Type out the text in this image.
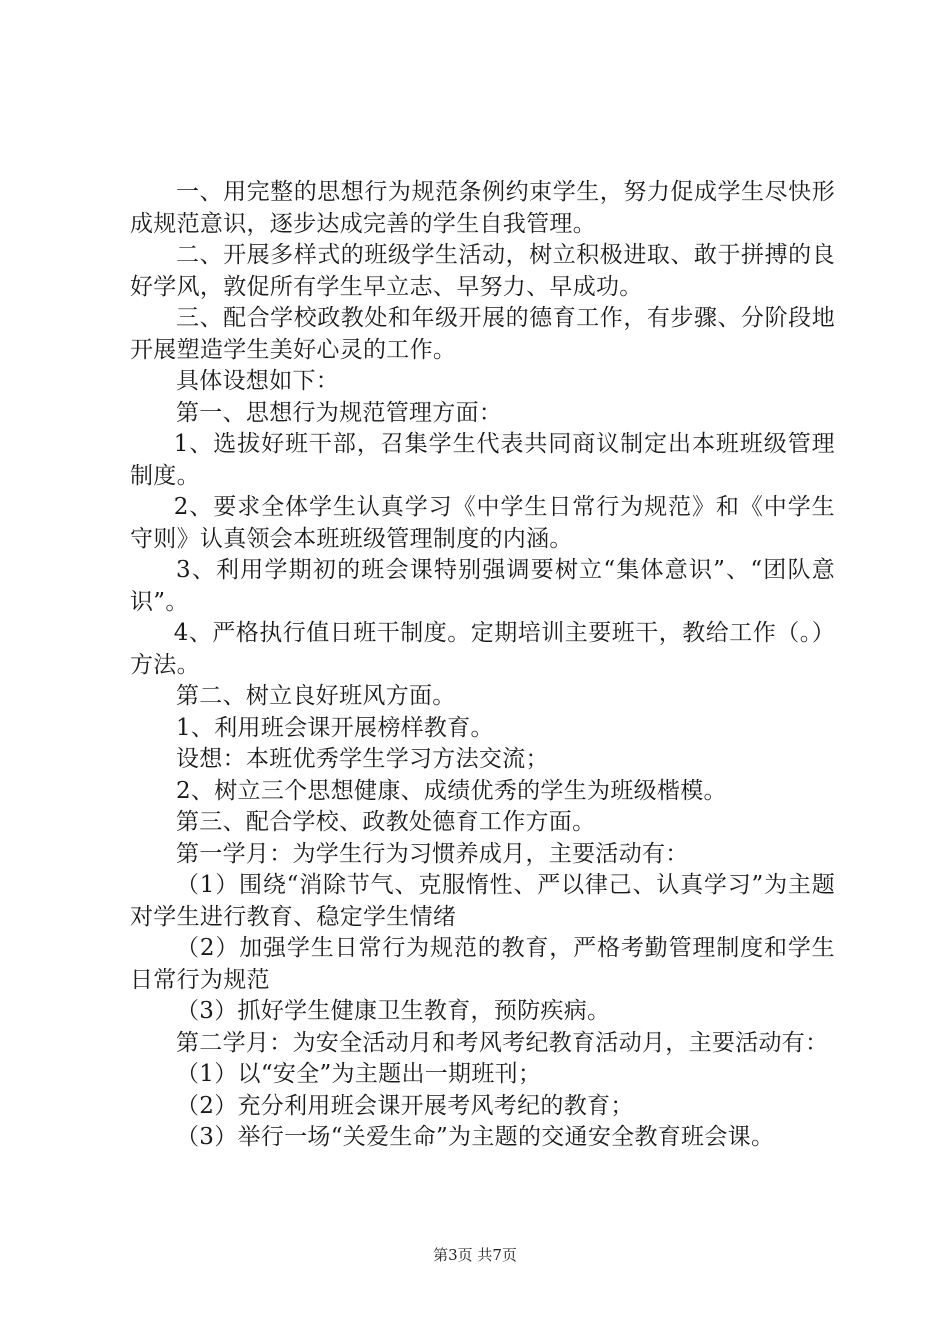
一、用完整的思想行为规范条例约束学生，努力促成学生尽快形成规范意识，逐步达成完善的学生自我管理。

二、开展多样式的班级学生活动，树立积极进取、敢于拼搏的良好学风，敦促所有学生早立志、早努力、早成功。

三、配合学校政教处和年级开展的德育工作，有步骤、分阶段地开展塑造学生美好心灵的工作。

具体设想如下：

第一、思想行为规范管理方面：

1、选拔好班干部，召集学生代表共同商议制定出本班班级管理制度。

2、要求全体学生认真学习《中学生日常行为规范》和《中学生守则》认真领会本班班级管理制度的内涵。

3、利用学期初的班会课特别强调要树立“集体意识”、“团队意识”。

4、严格执行值日班干制度。定期培训主要班干，教给工作（。）方法。

第二、树立良好班风方面。

1、利用班会课开展榜样教育。

设想：本班优秀学生学习方法交流；

2、树立三个思想健康、成绩优秀的学生为班级楷模。

第三、配合学校、政教处德育工作方面。

第一学月：为学生行为习惯养成月，主要活动有：

（1）围绕“消除节气、克服惰性、严以律己、认真学习”为主题对学生进行教育、稳定学生情绪

（2）加强学生日常行为规范的教育，严格考勤管理制度和学生日常行为规范

（3）抓好学生健康卫生教育，预防疾病。

第二学月：为安全活动月和考风考纪教育活动月，主要活动有：

（1）以“安全”为主题出一期班刊；

（2）充分利用班会课开展考风考纪的教育；

（3）举行一场“关爱生命”为主题的交通安全教育班会课。

第3页 共7页
